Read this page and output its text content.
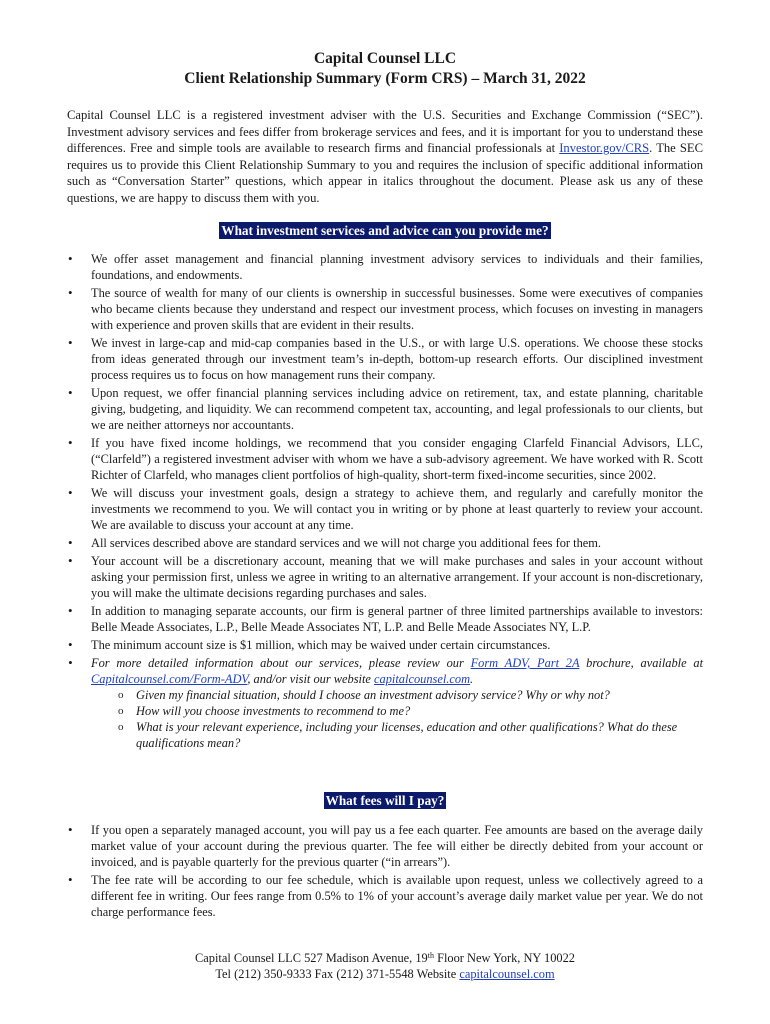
Capital Counsel LLC
Client Relationship Summary (Form CRS) – March 31, 2022

Capital Counsel LLC is a registered investment adviser with the U.S. Securities and Exchange Commission (“SEC”). Investment advisory services and fees differ from brokerage services and fees, and it is important for you to understand these differences. Free and simple tools are available to research firms and financial professionals at Investor.gov/CRS. The SEC requires us to provide this Client Relationship Summary to you and requires the inclusion of specific additional information such as “Conversation Starter” questions, which appear in italics throughout the document. Please ask us any of these questions, we are happy to discuss them with you.

What investment services and advice can you provide me?
• We offer asset management and financial planning investment advisory services to individuals and their families, foundations, and endowments.
• The source of wealth for many of our clients is ownership in successful businesses. Some were executives of companies who became clients because they understand and respect our investment process, which focuses on investing in managers with experience and proven skills that are evident in their results.
• We invest in large-cap and mid-cap companies based in the U.S., or with large U.S. operations. We choose these stocks from ideas generated through our investment team’s in-depth, bottom-up research efforts. Our disciplined investment process requires us to focus on how management runs their company.
• Upon request, we offer financial planning services including advice on retirement, tax, and estate planning, charitable giving, budgeting, and liquidity. We can recommend competent tax, accounting, and legal professionals to our clients, but we are neither attorneys nor accountants.
• If you have fixed income holdings, we recommend that you consider engaging Clarfeld Financial Advisors, LLC, (“Clarfeld”) a registered investment adviser with whom we have a sub-advisory agreement. We have worked with R. Scott Richter of Clarfeld, who manages client portfolios of high-quality, short-term fixed-income securities, since 2002.
• We will discuss your investment goals, design a strategy to achieve them, and regularly and carefully monitor the investments we recommend to you. We will contact you in writing or by phone at least quarterly to review your account. We are available to discuss your account at any time.
• All services described above are standard services and we will not charge you additional fees for them.
• Your account will be a discretionary account, meaning that we will make purchases and sales in your account without asking your permission first, unless we agree in writing to an alternative arrangement. If your account is non-discretionary, you will make the ultimate decisions regarding purchases and sales.
• In addition to managing separate accounts, our firm is general partner of three limited partnerships available to investors: Belle Meade Associates, L.P., Belle Meade Associates NT, L.P. and Belle Meade Associates NY, L.P.
• The minimum account size is $1 million, which may be waived under certain circumstances.
• For more detailed information about our services, please review our Form ADV, Part 2A brochure, available at Capitalcounsel.com/Form-ADV, and/or visit our website capitalcounsel.com.
o Given my financial situation, should I choose an investment advisory service? Why or why not?
o How will you choose investments to recommend to me?
o What is your relevant experience, including your licenses, education and other qualifications? What do these qualifications mean?
What fees will I pay?
• If you open a separately managed account, you will pay us a fee each quarter. Fee amounts are based on the average daily market value of your account during the previous quarter. The fee will either be directly debited from your account or invoiced, and is payable quarterly for the previous quarter (“in arrears”).
• The fee rate will be according to our fee schedule, which is available upon request, unless we collectively agreed to a different fee in writing. Our fees range from 0.5% to 1% of your account’s average daily market value per year. We do not charge performance fees.
Capital Counsel LLC 527 Madison Avenue, 19th Floor New York, NY 10022
Tel (212) 350-9333 Fax (212) 371-5548 Website capitalcounsel.com
